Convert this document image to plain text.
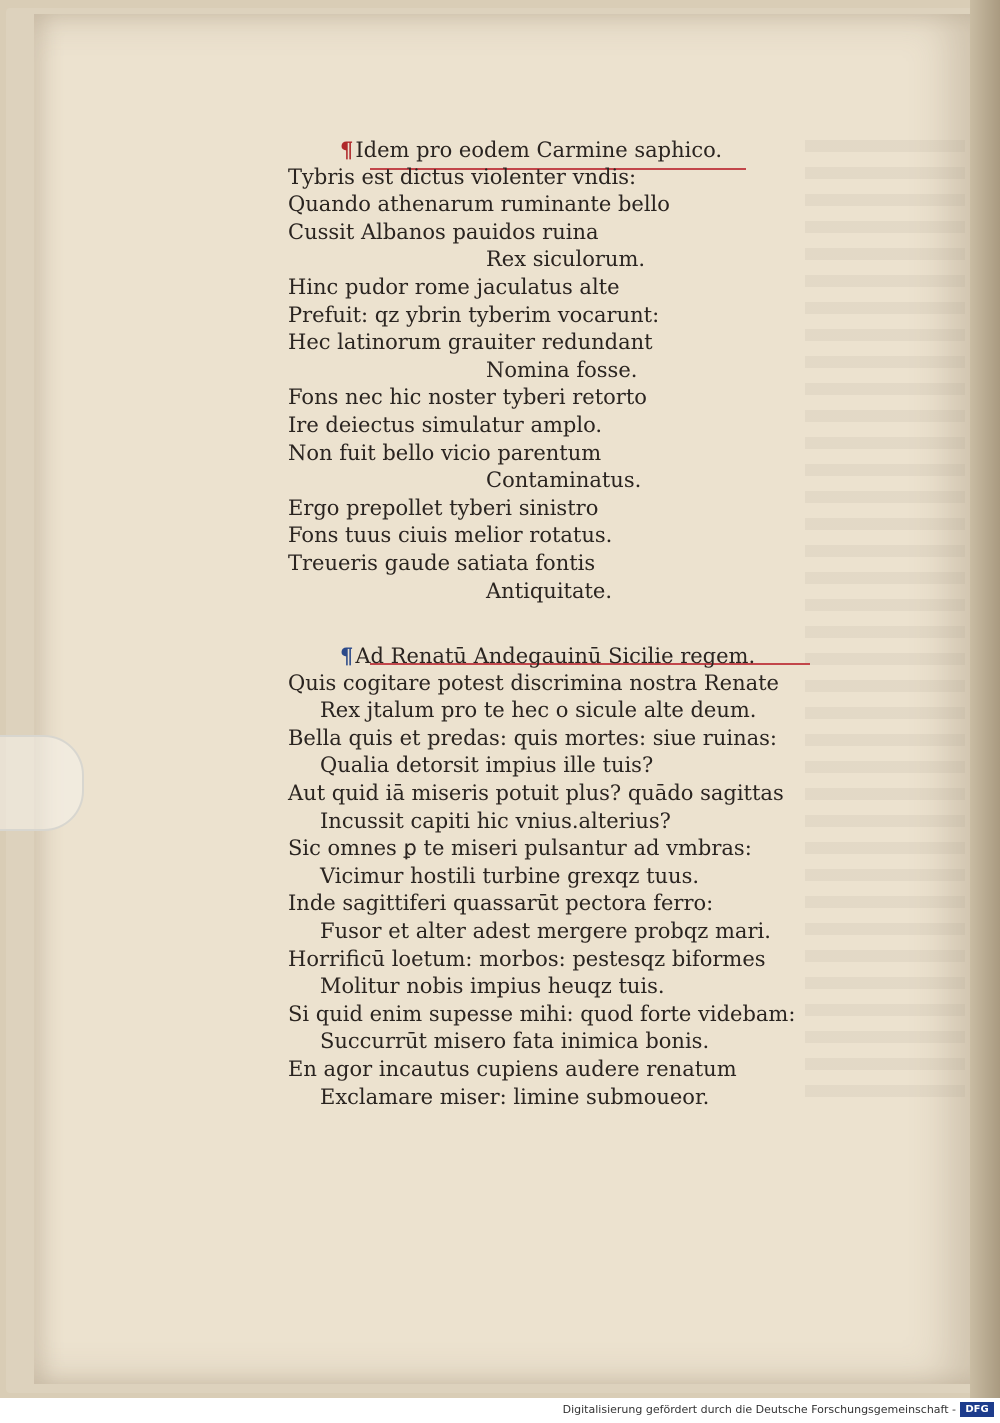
¶Idem pro eodem Carmine saphico.
Tybris est dictus violenter vndis:
Quando athenarum ruminante bello
Cussit Albanos pauidos ruina
Rex siculorum.
Hinc pudor rome jaculatus alte
Prefuit: qz ybrin tyberim vocarunt:
Hec latinorum grauiter redundant
Nomina fosse.
Fons nec hic noster tyberi retorto
Ire deiectus simulatur amplo.
Non fuit bello vicio parentum
Contaminatus.
Ergo prepollet tyberi sinistro
Fons tuus ciuis melior rotatus.
Treueris gaude satiata fontis
Antiquitate.
¶Ad Renatū Andegauinū Sicilie regem.
Quis cogitare potest discrimina nostra Renate
Rex jtalum pro te hec o sicule alte deum.
Bella quis et predas: quis mortes: siue ruinas:
Qualia detorsit impius ille tuis?
Aut quid iā miseris potuit plus? quādo sagittas
Incussit capiti hic vnius.alterius?
Sic omnes ꝑ te miseri pulsantur ad vmbras:
Vicimur hostili turbine grexqz tuus.
Inde sagittiferi quassarūt pectora ferro:
Fusor et alter adest mergere probqz mari.
Horrificū loetum: morbos: pestesqz biformes
Molitur nobis impius heuqz tuis.
Si quid enim supesse mihi: quod forte videbam:
Succurrūt misero fata inimica bonis.
En agor incautus cupiens audere renatum
Exclamare miser: limine submoueor.
Digitalisierung gefördert durch die Deutsche Forschungsgemeinschaft - DFG
